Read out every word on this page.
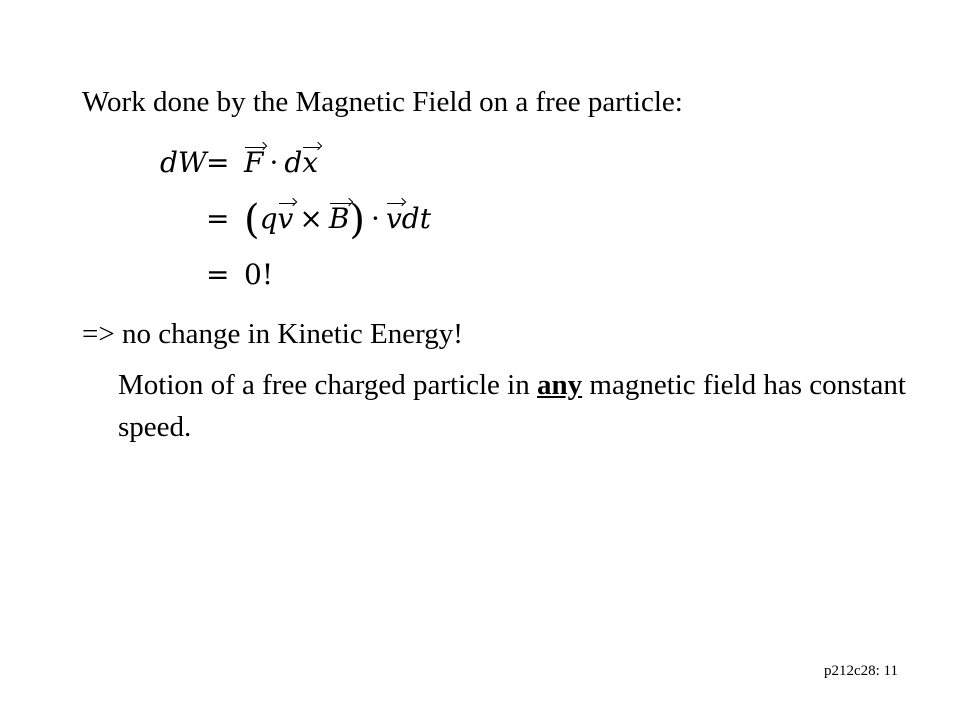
Work done by the Magnetic Field on a free particle:
dW = F · dx
= (qv × B) · vdt
= 0!
=> no change in Kinetic Energy!
Motion of a free charged particle in any magnetic field has constant speed.
p212c28: 11
